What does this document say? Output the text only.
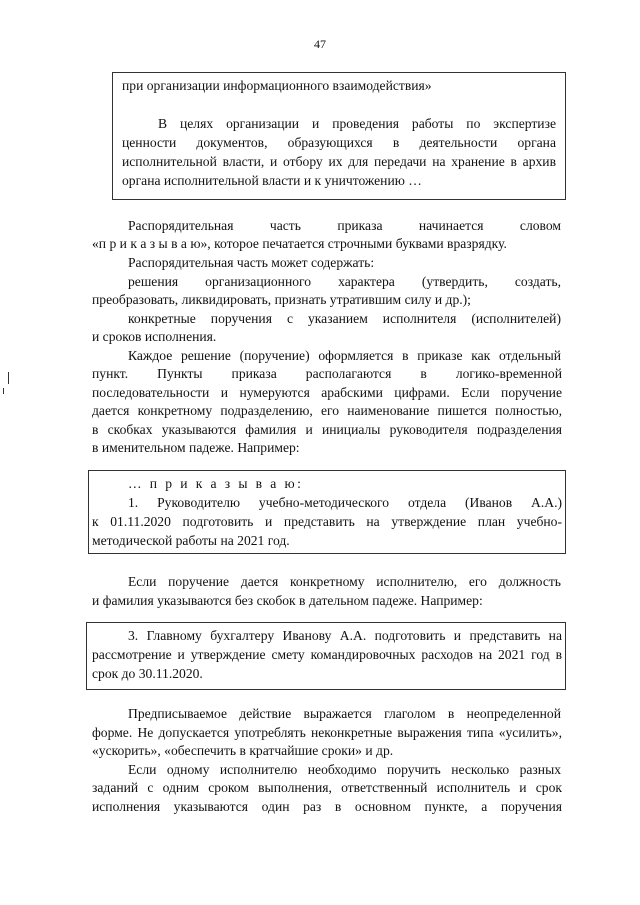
47

при организации информационного взаимодействия»

В целях организации и проведения работы по экспертизе

ценности документов, образующихся в деятельности органа

исполнительной власти, и отбору их для передачи на хранение в архив

органа исполнительной власти и к уничтожению …

Распорядительная часть приказа начинается словом

«п р и к а з ы в а ю», которое печатается строчными буквами вразрядку.

Распорядительная часть может содержать:

решения организационного характера (утвердить, создать,

преобразовать, ликвидировать, признать утратившим силу и др.);

конкретные поручения с указанием исполнителя (исполнителей)

и сроков исполнения.

Каждое решение (поручение) оформляется в приказе как отдельный

пункт. Пункты приказа располагаются в логико-временной

последовательности и нумеруются арабскими цифрами. Если поручение

дается конкретному подразделению, его наименование пишется полностью,

в скобках указываются фамилия и инициалы руководителя подразделения

в именительном падеже. Например:

… п р и к а з ы в а ю:

1. Руководителю учебно-методического отдела (Иванов А.А.)

к 01.11.2020 подготовить и представить на утверждение план учебно-

методической работы на 2021 год.

Если поручение дается конкретному исполнителю, его должность

и фамилия указываются без скобок в дательном падеже. Например:

3. Главному бухгалтеру Иванову А.А. подготовить и представить на

рассмотрение и утверждение смету командировочных расходов на 2021 год в

срок до 30.11.2020.

Предписываемое действие выражается глаголом в неопределенной

форме. Не допускается употреблять неконкретные выражения типа «усилить»,

«ускорить», «обеспечить в кратчайшие сроки» и др.

Если одному исполнителю необходимо поручить несколько разных

заданий с одним сроком выполнения, ответственный исполнитель и срок

исполнения указываются один раз в основном пункте, а поручения
